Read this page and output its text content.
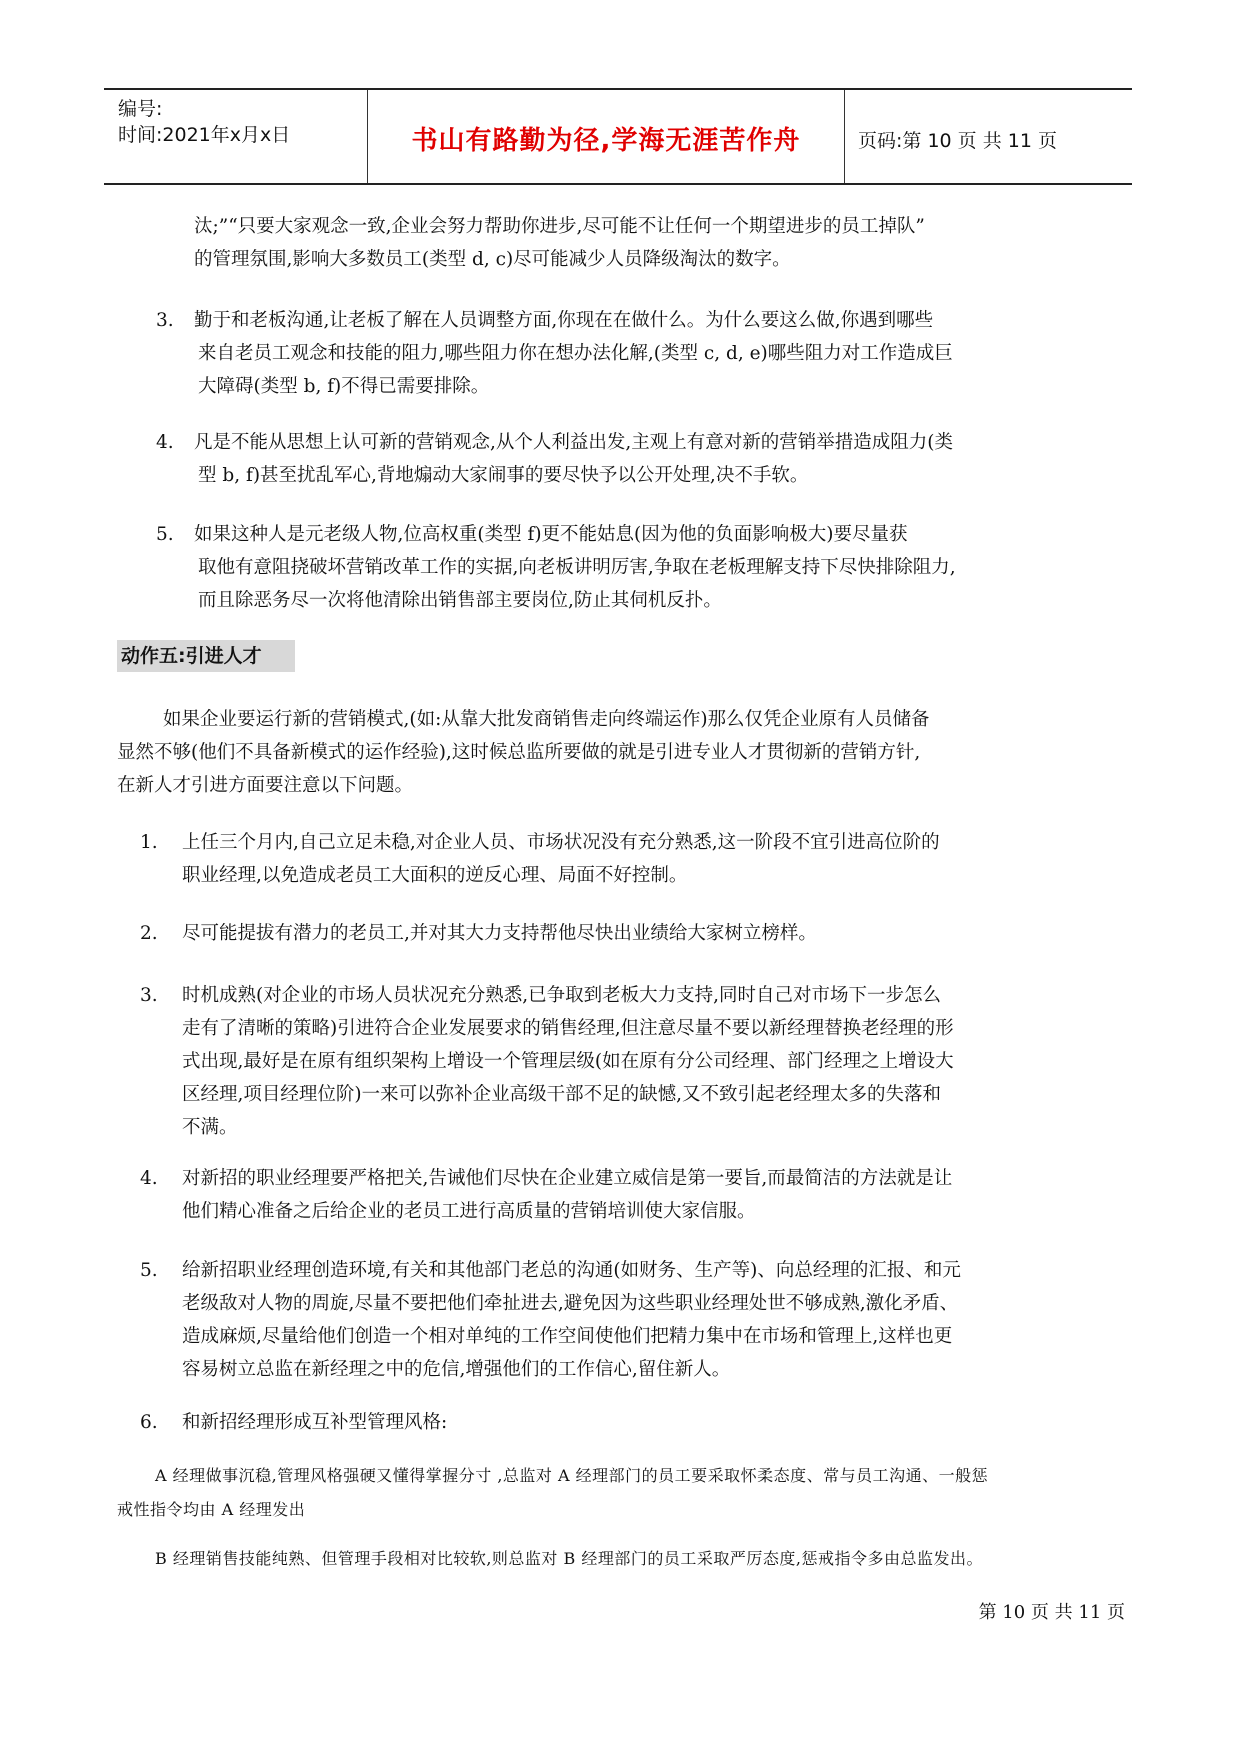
编号:
时间:2021年x月x日	书山有路勤为径,学海无涯苦作舟	页码:第 10 页 共 11 页
汰;”“只要大家观念一致,企业会努力帮助你进步,尽可能不让任何一个期望进步的员工掉队”
的管理氛围,影响大多数员工(类型 d, c)尽可能减少人员降级淘汰的数字。
3. 勤于和老板沟通,让老板了解在人员调整方面,你现在在做什么。为什么要这么做,你遇到哪些
来自老员工观念和技能的阻力,哪些阻力你在想办法化解,(类型 c, d, e)哪些阻力对工作造成巨
大障碍(类型 b, f)不得已需要排除。
4. 凡是不能从思想上认可新的营销观念,从个人利益出发,主观上有意对新的营销举措造成阻力(类
型 b, f)甚至扰乱军心,背地煽动大家闹事的要尽快予以公开处理,决不手软。
5. 如果这种人是元老级人物,位高权重(类型 f)更不能姑息(因为他的负面影响极大)要尽量获
取他有意阻挠破坏营销改革工作的实据,向老板讲明厉害,争取在老板理解支持下尽快排除阻力,
而且除恶务尽一次将他清除出销售部主要岗位,防止其伺机反扑。
动作五:引进人才
如果企业要运行新的营销模式,(如:从靠大批发商销售走向终端运作)那么仅凭企业原有人员储备
显然不够(他们不具备新模式的运作经验),这时候总监所要做的就是引进专业人才贯彻新的营销方针,
在新人才引进方面要注意以下问题。
1. 上任三个月内,自己立足未稳,对企业人员、市场状况没有充分熟悉,这一阶段不宜引进高位阶的
职业经理,以免造成老员工大面积的逆反心理、局面不好控制。
2. 尽可能提拔有潜力的老员工,并对其大力支持帮他尽快出业绩给大家树立榜样。
3. 时机成熟(对企业的市场人员状况充分熟悉,已争取到老板大力支持,同时自己对市场下一步怎么
走有了清晰的策略)引进符合企业发展要求的销售经理,但注意尽量不要以新经理替换老经理的形
式出现,最好是在原有组织架构上增设一个管理层级(如在原有分公司经理、部门经理之上增设大
区经理,项目经理位阶)一来可以弥补企业高级干部不足的缺憾,又不致引起老经理太多的失落和
不满。
4. 对新招的职业经理要严格把关,告诫他们尽快在企业建立威信是第一要旨,而最简洁的方法就是让
他们精心准备之后给企业的老员工进行高质量的营销培训使大家信服。
5. 给新招职业经理创造环境,有关和其他部门老总的沟通(如财务、生产等)、向总经理的汇报、和元
老级敌对人物的周旋,尽量不要把他们牵扯进去,避免因为这些职业经理处世不够成熟,激化矛盾、
造成麻烦,尽量给他们创造一个相对单纯的工作空间使他们把精力集中在市场和管理上,这样也更
容易树立总监在新经理之中的危信,增强他们的工作信心,留住新人。
6. 和新招经理形成互补型管理风格:
A 经理做事沉稳,管理风格强硬又懂得掌握分寸 ,总监对 A 经理部门的员工要采取怀柔态度、常与员工沟通、一般惩
戒性指令均由 A 经理发出
B 经理销售技能纯熟、但管理手段相对比较软,则总监对 B 经理部门的员工采取严厉态度,惩戒指令多由总监发出。
第 10 页 共 11 页
